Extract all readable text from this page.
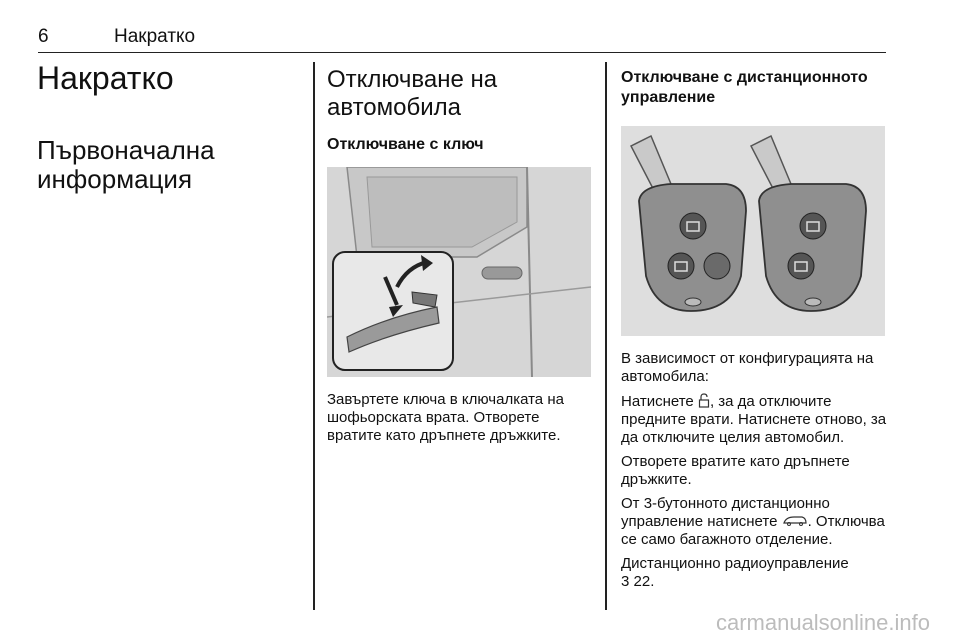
6	Накратко
Накратко
Първоначална информация
Отключване на автомобила
Отключване с ключ

Завъртете ключа в ключалката на шофьорската врата. Отворете вратите като дръпнете дръжките.

Отключване с дистанционното управление

В зависимост от конфигурацията на автомобила:

Натиснете , за да отключите предните врати. Натиснете отново, за да отключите целия автомобил.

Отворете вратите като дръпнете дръжките.

От 3-бутонното дистанционно управление натиснете . Отключва се само багажното отделение.

Дистанционно радиоуправление
3 22.

carmanualsonline.info
